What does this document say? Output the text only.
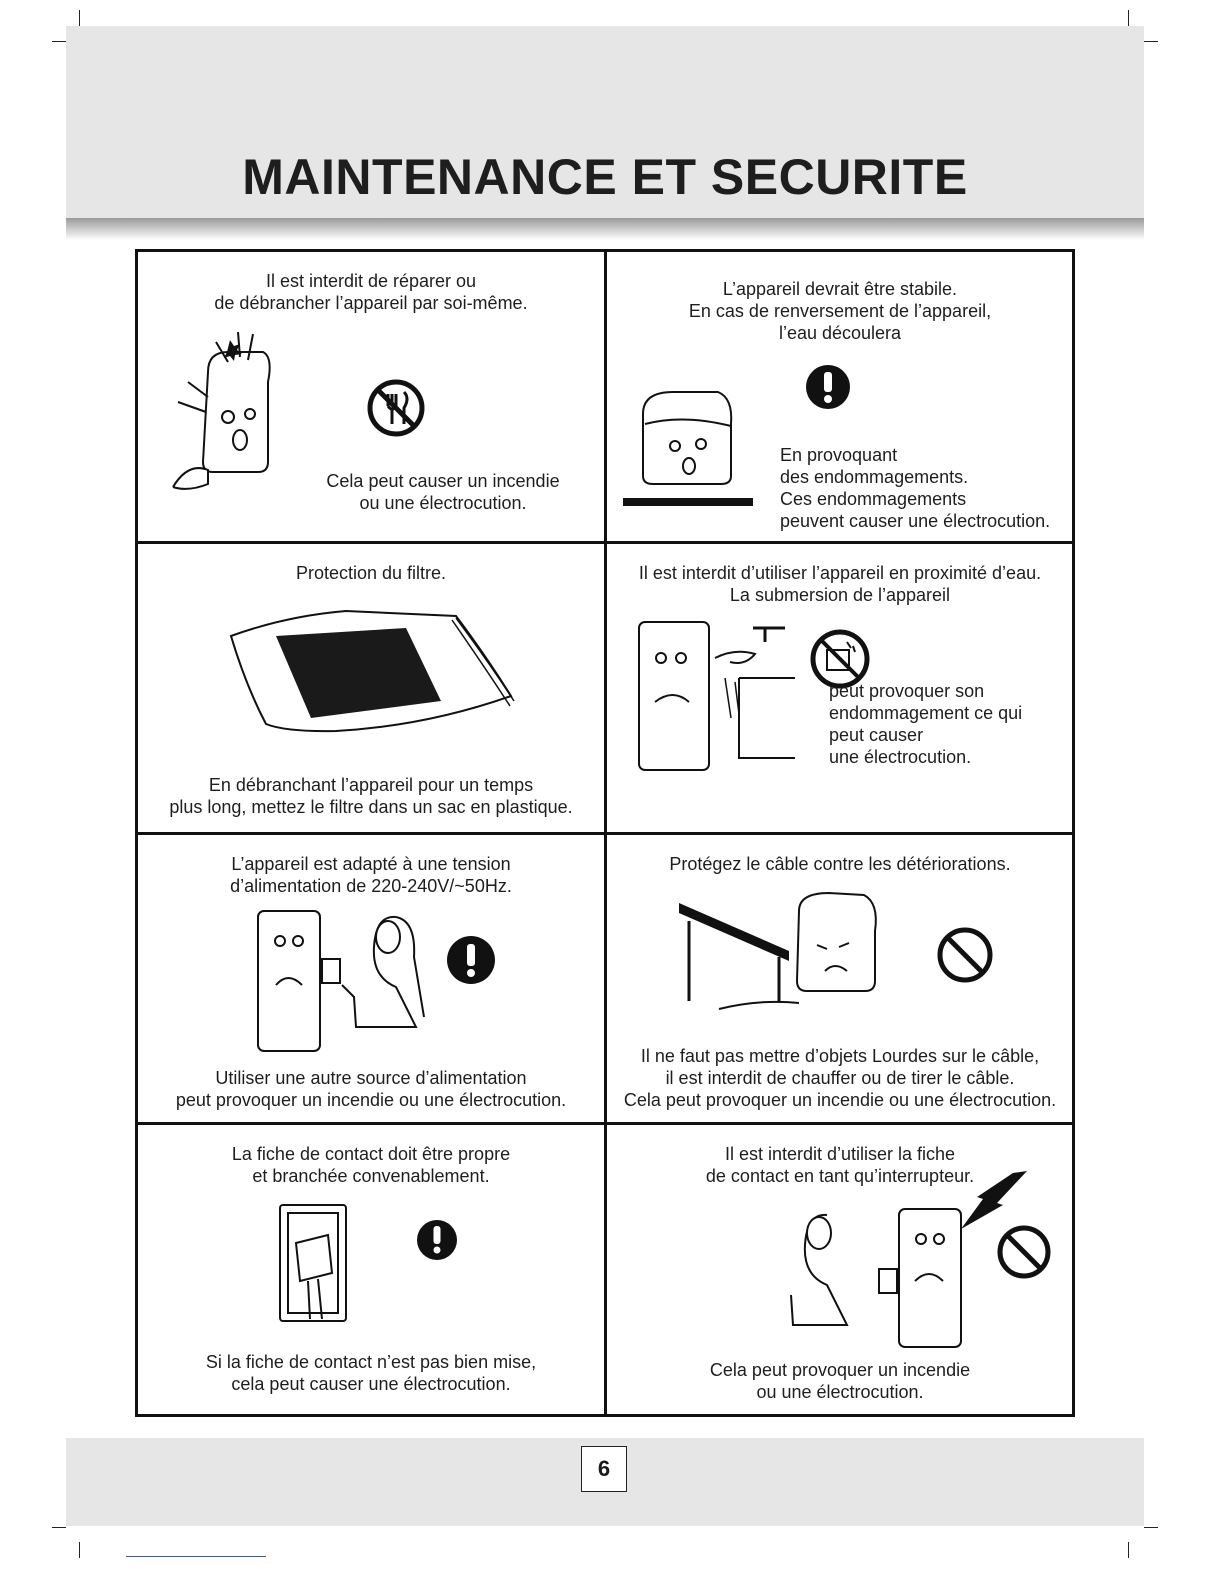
MAINTENANCE ET SECURITE
Il est interdit de réparer ou
de débrancher l’appareil par soi-même.
Cela peut causer un incendie
ou une électrocution.
L’appareil devrait être stabile.
En cas de renversement de l’appareil,
l’eau découlera
En provoquant
des endommagements.
Ces endommagements
peuvent causer une électrocution.
Protection du filtre.
En débranchant l’appareil pour un temps
plus long, mettez le filtre dans un sac en plastique.
Il est interdit d’utiliser l’appareil en proximité d’eau.
La submersion de l’appareil
peut provoquer son
endommagement ce qui
peut causer
une électrocution.
L’appareil est adapté à une tension
d’alimentation de 220-240V/~50Hz.
Utiliser une autre source d’alimentation
peut provoquer un incendie ou une électrocution.
Protégez le câble contre les détériorations.
Il ne faut pas mettre d’objets Lourdes sur le câble,
il est interdit de chauffer ou de tirer le câble.
Cela peut provoquer un incendie ou une électrocution.
La fiche de contact doit être propre
et branchée convenablement.
Si la fiche de contact n’est pas bien mise,
cela peut causer une électrocution.
Il est interdit d’utiliser la fiche
de contact en tant qu’interrupteur.
Cela peut provoquer un incendie
ou une électrocution.
6
